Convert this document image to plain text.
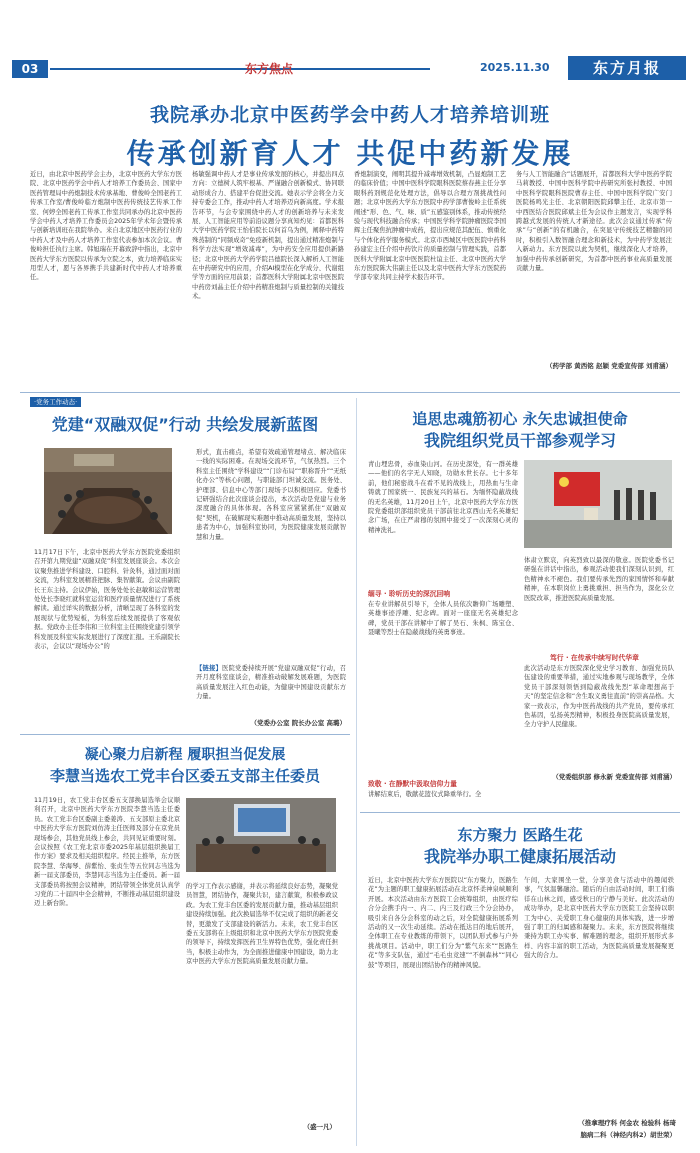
03	东方焦点	2025.11.30	东方月报
我院承办北京中医药学会中药人才培养培训班
传承创新育人才 共促中药新发展
近日，由北京中医药学会主办，北京中医药大学东方医院、北京中医药学会中药人才培养工作委员会、国家中医药管理局中药炮制技术传承基地、曹俊岭全国老药工传承工作室/曹俊岭临方炮制中医药传统技艺传承工作室、何婷全国老药工传承工作室共同承办的北京中医药学会中药人才培养工作委员会2025年学术年会暨传承与创新培训班在我院举办。来自北京地区中医药行业的中药人才及中药人才培养工作室代表参加本次会议。曹俊岭担任执行主席。韩旭瑞在开幕致辞中指出，北京中医药大学东方医院以传承为立院之本，致力培养临床实用型人才，愿与各界携手共建新时代中药人才培养重任。
杨敏强调中药人才是事业传承发展的核心，并提出四点方向：立德树人筑牢根基、严谨融合创新模式、协同联动形成合力、搭建平台促进交流。她表示学会将全力支持专委会工作，推动中药人才培养迈向新高度。学术报告环节，与会专家围绕中药人才的创新培养与未来发展、人工智能应用等前沿议题分享真知灼见：首都医科大学中医药学院王怡伯院长以何首乌为例，阐释中药特殊蒸制的“同频成奇”免疫新机制，提出通过精准炮制与科学方法实现“增效减毒”，为中药安全应用提供新路径；北京中医药大学药学院吕德院长深入解析人工智能在中药研究中的应用，介绍AI模型在化学成分、代谢组学等方面的应用前景；首都医科大学附属北京中医医院中药房刘晶主任介绍中药精准炮制与质量控制的关键技术。
香炮制演变，阐明其提升减毒增效机制，凸显炮制工艺的临床价值；中国中医科学院眼科医院蔡春燕主任分享眼科药剂规范化处理方法，倡导以合理方剂挑战性问题；北京中医药大学东方医院中药学部曹俊岭主任系统阐述“形、色、气、味、质”五感鉴别体系，推动传统经验与现代科技融合传承；中国医学科学院肿瘤医院李国辉主任聚焦抗肿瘤中成药，提出应规范其配伍、慎重化与个体化药学服务模式。北京市西城区中医医院中药科孙建宏主任介绍中药饮片的质量控制与管理实践，首都医科大学附属北京中医医院杜谊主任、北京中医药大学东方医院陈大伟副主任以及北京中医药大学东方医院药学部专家共同主持学术报告环节。
务与人工智能融合”话题展开，首都医科大学中医药学院马莉教授、中国中医科学院中药研究所张村教授、中国中医科学院眼科医院曹春主任、中国中医科学院广安门医院杨鸣光主任、北京朝阳医院邱攀主任、北京市第一中西医结合医院邱斌主任为会议作主题发言，实现学科跨越式发展的传统人才新途径。此次会议通过传承“传承”与“创新”的有机融合，在突显守传统技艺精髓的同时，积极引入数智融合理念和新技术，为中药学发展注入新动力。东方医院以此为契机，继续深化人才培养，加强中药传承创新研究，为首都中医药事业高质量发展贡献力量。
（药学部 黄西铭 赵颖 党委宣传部 刘甫涵）
·党务工作动态·
党建“双融双促”行动 共绘发展新蓝图
11月17日下午，北京中医药大学东方医院党委组织召开第九期党建“双融双促”科室发展座谈会。本次会议聚焦推进学科建设、口腔科、针灸科，通过面对面交流，为科室发展精准把脉、集智献策。会议由副院长王东主持。会议伊始，医务处处长赵敏和运营管理处处长李晓红就科室运营和医疗质量情况进行了系统解读。通过详实的数据分析，清晰呈现了各科室的发展现状与优势短板，为科室后续发展提供了客观依据。党政办主任李伟和三位科室主任围绕党建引领学科发展及科室实际发展进行了深度汇报。王乐副院长表示，会议以“现场办公”的
形式，直击痛点，希望有效疏通管理堵点、解决临床一线的实际困难。在现场交流环节，气氛热烈。三个科室主任围绕“学科建设”“门诊布局”“职称晋升”“无纸化办公”等核心问题，与职能部门坦诚交流。医务处、护理部、信息中心等部门现场予以积极回应。党委书记研强结合此次座谈会提出，本次活动是党建与业务深度融合的具体体现。各科室应紧紧抓住“双融双促”契机，在破解现实难题中推动高质量发展，坚持以患者为中心，加强科室协同，为医院健康发展贡献智慧和力量。
【链接】医院党委持续开展“党建双融双促”行动，召开月度科室座谈会，精准推动破解发展难题，为医院高质量发展注入红色动能，为健康中国建设贡献东方力量。
（党委办公室 院长办公室 高璐）
凝心聚力启新程 履职担当促发展
李慧当选农工党丰台区委五支部主任委员
11月19日，农工党丰台区委五支部换届选举会议顺利召开，北京中医药大学东方医院李慧当选主任委员。农工党丰台区委副主委姜涛、五支部原主委北京中医药大学东方医院刘仿涛主任医师及部分在京党员现场参会，其他党员线上参会，共同见证重要时刻。会议按照《农工党北京市委2025年基层组织换届工作方案》要求及相关组织程序。经民主推举，东方医院李慧、华海琴、薛紫怡、张贞生等五位同志当选为新一届支部委员，李慧同志当选为主任委员。新一届支部委员将按照会议精神，团结带领全体党员认真学习党的二十届四中全会精神，不断推动基层组织建设迈上新台阶。
的学习工作表示感谢，并表示将延续良好态势，凝聚党员智慧，团结协作，凝聚共识，建言献策，积极参政议政。为农工党丰台区委的发展贡献力量，推动基层组织建设持续加强。此次换届选举不仅完成了组织的新老交替，更激发了支部建设的新活力。未来，农工党丰台区委五支部将在上级组织和北京中医药大学东方医院党委的领导下，持续发挥医药卫生界特色优势，强化责任担当，积极主动作为，为全面推进健康中国建设，助力北京中医药大学东方医院高质量发展贡献力量。
（盛一凡）
追思忠魂筋初心 永矢忠诚担使命
我院组织党员干部参观学习
青山埋忠骨，赤血染山河。在历史深处，有一群英雄——他们的名字无人知晓，功勋永世长存。七十多年前，他们秘密战斗在看不见的战线上，用热血与生命铸就了国家统一、民族复兴的基石。为缅怀隐蔽战线的无名英雄，11月20日上午，北京中医药大学东方医院党委组织部组织党员干部前往北京西山无名英雄纪念广场，在庄严肃穆的氛围中接受了一次深刻心灵的精神洗礼。
缅寻 · 聆听历史的深沉回响
在专业讲解员引导下，全体人员依次瞻仰广场雕塑、英雄事迹浮雕、纪念碑。面对一座座无名英雄纪念碑，党员干部在讲解中了解了吴石、朱枫、陈宝仓、聂曦等烈士在隐蔽战线的英勇事迹。
致敬 · 在静默中汲取信仰力量
讲解结束后，敬献花篮仪式降重举行。全
体肃立默哀，向英烈致以最深的敬意。医院党委书记研强在讲话中指出，参观活动使我们深刻认识到，红色精神永不褪色。我们要传承先烈的家国情怀和奉献精神，在本职岗位上勇挑重担、担当作为，深化公立医院改革，推进医院高质量发展。
笃行 · 在传承中续写时代华章
此次活动是东方医院深化党史学习教育、加强党员队伍建设的重要举措，通过实地参观与现场教学，全体党员干部深刻领悟到隐蔽战线先烈“革命理想高于天”的坚定信念和“舍生取义勇往直前”的崇高品格。大家一致表示，作为中医药战线的共产党员，要传承红色基因，弘扬英烈精神，积极投身医院高质量发展，全力守护人民健康。
（党委组织部 修永新 党委宣传部 刘甫涵）
东方聚力 医路生花
我院举办职工健康拓展活动
近日，北京中医药大学东方医院以“东方聚力，医路生花”为主题的职工健康拓展活动在北京怀柔神泉峡顺利开展。本次活动由东方医院工会统筹组织，由医疗综合分会携手内一、内二、内三及行政三个分会协办，吸引来自各分会科室的动之后，对全院健康拓展系列活动的又一次生动延续。活动在抵达目的地后展开，全体职工在专业教练的带领下，以团队形式参与户外挑战项目。活动中，职工们分为“紫气东来”“医路生花”等多支队伍，通过“毛毛虫竞速”“不倒森林”“同心鼓”等项目，展现出团结协作的精神风貌。
午间，大家围坐一堂，分享美食与活动中的趣闻轶事，气氛温馨融洽。随后的自由活动时间，职工们徜徉在山林之间，感受秋日的宁静与美好。此次活动的成功举办，是北京中医药大学东方医院工会坚持以职工为中心、关爱职工身心健康的具体实践，进一步增强了职工的归属感和凝聚力。未来，东方医院将继续秉持为职工办实事、解难题的理念，组织开展形式多样、内容丰富的职工活动，为医院高质量发展凝聚更强大的合力。
（推拿理疗科 何金农 检验科 杨琦
脑病二科（神经内科2）胡世荣）
